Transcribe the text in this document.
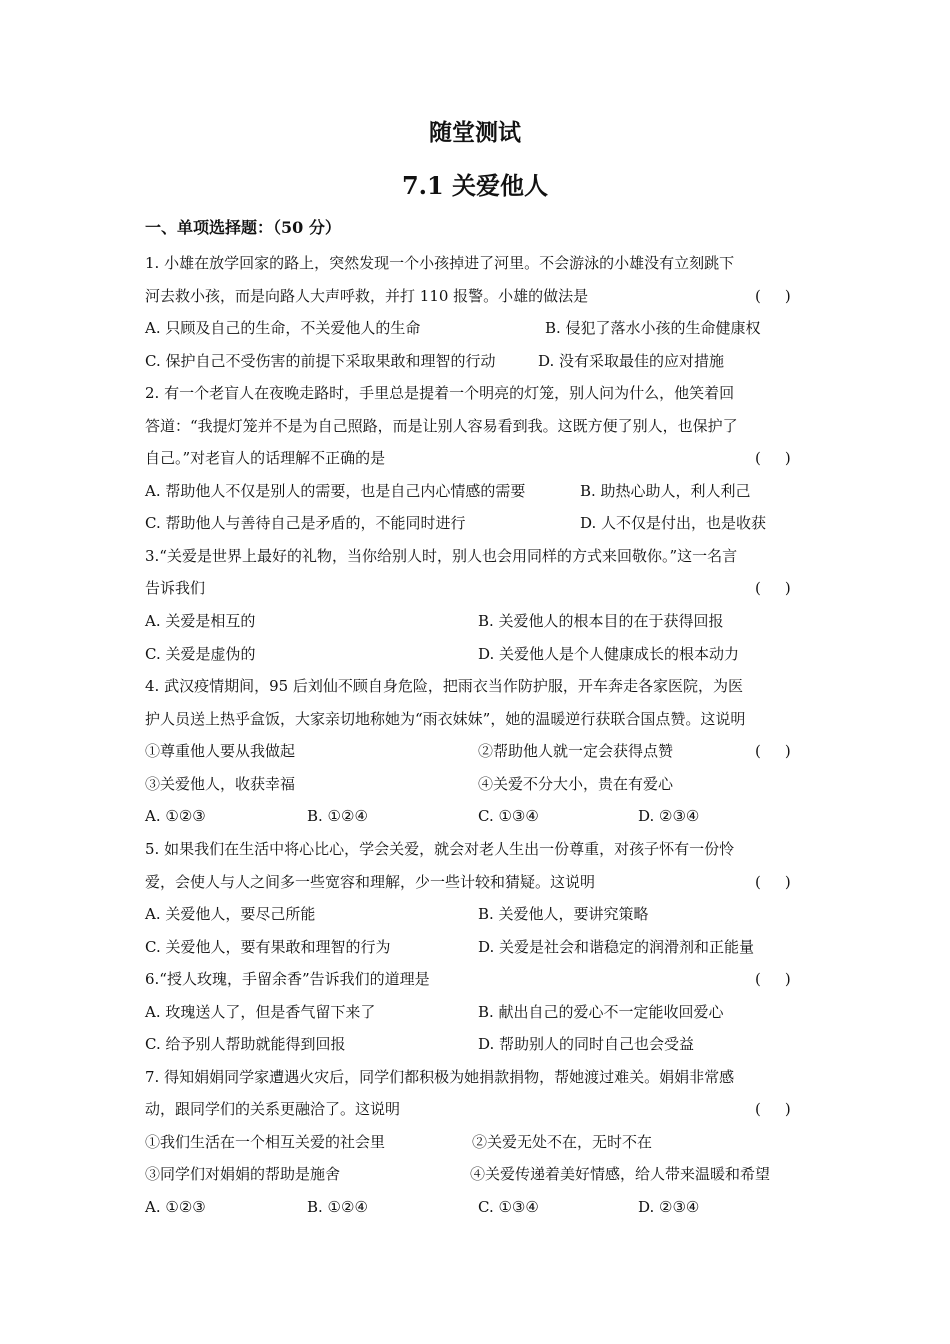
随堂测试
7.1 关爱他人
一、单项选择题：（50 分）
1. 小雄在放学回家的路上，突然发现一个小孩掉进了河里。不会游泳的小雄没有立刻跳下
河去救小孩，而是向路人大声呼救，并打 110 报警。小雄的做法是	( )
A. 只顾及自己的生命，不关爱他人的生命	B. 侵犯了落水小孩的生命健康权
C. 保护自己不受伤害的前提下采取果敢和理智的行动	D. 没有采取最佳的应对措施
2. 有一个老盲人在夜晚走路时，手里总是提着一个明亮的灯笼，别人问为什么，他笑着回
答道：“我提灯笼并不是为自己照路，而是让别人容易看到我。这既方便了别人，也保护了
自己。”对老盲人的话理解不正确的是	( )
A. 帮助他人不仅是别人的需要，也是自己内心情感的需要	B. 助热心助人，利人利己
C. 帮助他人与善待自己是矛盾的，不能同时进行	D. 人不仅是付出，也是收获
3.“关爱是世界上最好的礼物，当你给别人时，别人也会用同样的方式来回敬你。”这一名言
告诉我们	( )
A. 关爱是相互的	B. 关爱他人的根本目的在于获得回报
C. 关爱是虚伪的	D. 关爱他人是个人健康成长的根本动力
4. 武汉疫情期间，95 后刘仙不顾自身危险，把雨衣当作防护服，开车奔走各家医院，为医
护人员送上热乎盒饭，大家亲切地称她为“雨衣妹妹”，她的温暖逆行获联合国点赞。这说明
①尊重他人要从我做起	②帮助他人就一定会获得点赞	( )
③关爱他人，收获幸福	④关爱不分大小，贵在有爱心
A. ①②③	B. ①②④	C. ①③④	D. ②③④
5. 如果我们在生活中将心比心，学会关爱，就会对老人生出一份尊重，对孩子怀有一份怜
爱，会使人与人之间多一些宽容和理解，少一些计较和猜疑。这说明	( )
A. 关爱他人，要尽己所能	B. 关爱他人，要讲究策略
C. 关爱他人，要有果敢和理智的行为	D. 关爱是社会和谐稳定的润滑剂和正能量
6.“授人玫瑰，手留余香”告诉我们的道理是	( )
A. 玫瑰送人了，但是香气留下来了	B. 献出自己的爱心不一定能收回爱心
C. 给予别人帮助就能得到回报	D. 帮助别人的同时自己也会受益
7. 得知娟娟同学家遭遇火灾后，同学们都积极为她捐款捐物，帮她渡过难关。娟娟非常感
动，跟同学们的关系更融洽了。这说明	( )
①我们生活在一个相互关爱的社会里	②关爱无处不在，无时不在
③同学们对娟娟的帮助是施舍	④关爱传递着美好情感，给人带来温暖和希望
A. ①②③	B. ①②④	C. ①③④	D. ②③④
